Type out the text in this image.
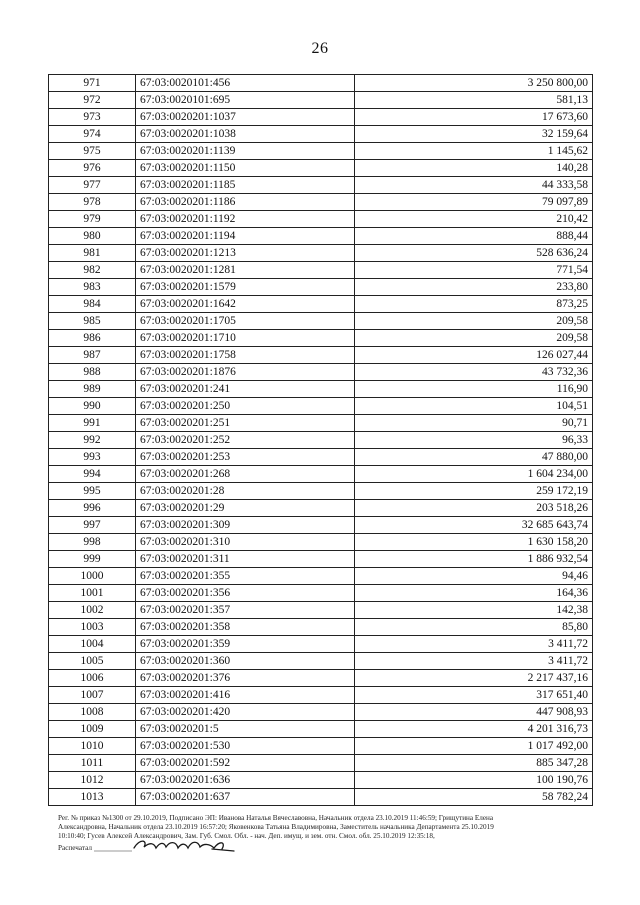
26
971	67:03:0020101:456	3 250 800,00
972	67:03:0020101:695	581,13
973	67:03:0020201:1037	17 673,60
974	67:03:0020201:1038	32 159,64
975	67:03:0020201:1139	1 145,62
976	67:03:0020201:1150	140,28
977	67:03:0020201:1185	44 333,58
978	67:03:0020201:1186	79 097,89
979	67:03:0020201:1192	210,42
980	67:03:0020201:1194	888,44
981	67:03:0020201:1213	528 636,24
982	67:03:0020201:1281	771,54
983	67:03:0020201:1579	233,80
984	67:03:0020201:1642	873,25
985	67:03:0020201:1705	209,58
986	67:03:0020201:1710	209,58
987	67:03:0020201:1758	126 027,44
988	67:03:0020201:1876	43 732,36
989	67:03:0020201:241	116,90
990	67:03:0020201:250	104,51
991	67:03:0020201:251	90,71
992	67:03:0020201:252	96,33
993	67:03:0020201:253	47 880,00
994	67:03:0020201:268	1 604 234,00
995	67:03:0020201:28	259 172,19
996	67:03:0020201:29	203 518,26
997	67:03:0020201:309	32 685 643,74
998	67:03:0020201:310	1 630 158,20
999	67:03:0020201:311	1 886 932,54
1000	67:03:0020201:355	94,46
1001	67:03:0020201:356	164,36
1002	67:03:0020201:357	142,38
1003	67:03:0020201:358	85,80
1004	67:03:0020201:359	3 411,72
1005	67:03:0020201:360	3 411,72
1006	67:03:0020201:376	2 217 437,16
1007	67:03:0020201:416	317 651,40
1008	67:03:0020201:420	447 908,93
1009	67:03:0020201:5	4 201 316,73
1010	67:03:0020201:530	1 017 492,00
1011	67:03:0020201:592	885 347,28
1012	67:03:0020201:636	100 190,76
1013	67:03:0020201:637	58 782,24
Рег. № приказ №1300 от 29.10.2019, Подписано ЭП: Иванова Наталья Вячеславовна, Начальник отдела 23.10.2019 11:46:59; Грищутина Елена
Александровна, Начальник отдела 23.10.2019 16:57:20; Яковенкова Татьяна Владимировна, Заместитель начальника Департамента 25.10.2019
10:10:40; Гусев Алексей Александрович, Зам. Губ. Смол. Обл. - нач. Деп. имущ. и зем. отн. Смол. обл. 25.10.2019 12:35:18,
Распечатал
